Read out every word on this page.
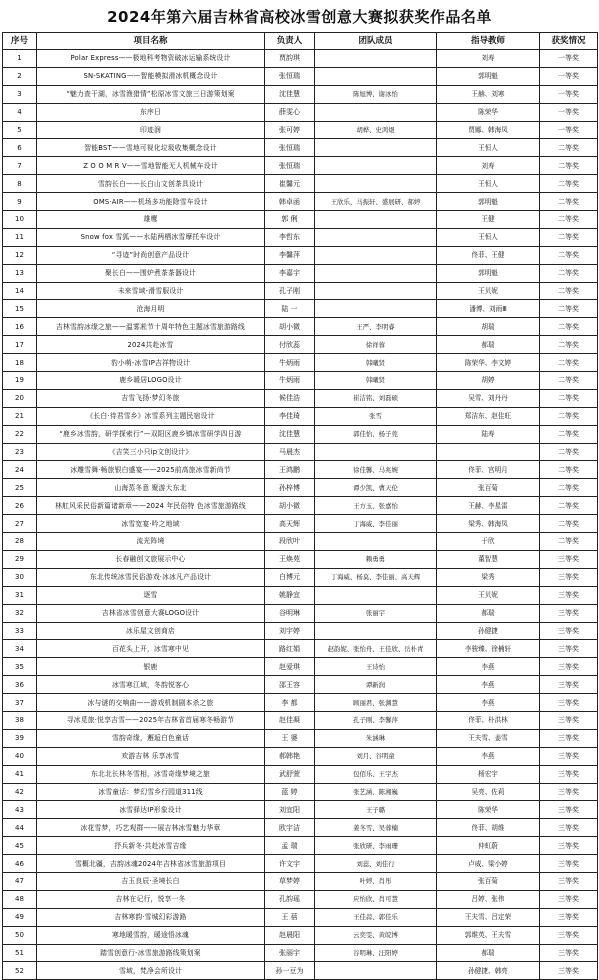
2024年第六届吉林省高校冰雪创意大赛拟获奖作品名单
序号	项目名称	负责人	团队成员	指导教师	获奖情况
1	Polar Express——极地科考物资破冰运输系统设计	贾韵琪		刘寿	一等奖
2	SN-SKATING——智能模拟滑冰机概念设计	张恒瑞		郭明魁	一等奖
3	“魅力查干湖，冰雪渔猎情”松原冰雪文旅三日游策划案	沈佳慧	陈旭博、谢冰怡	王赫、刘寒	一等奖
4	东序日	薛雯心		陈荣华	一等奖
5	印迹润	张可婷	胡桦、史鸿煜	贾娜、韩海凤	一等奖
6	智能BST——雪地可视化垃圾收集概念设计	张恒瑞		王恒人	二等奖
7	Z O O M R V——雪地智能无人机械车设计	张恒瑞		刘寿	二等奖
8	雪韵长白——长白山文创茶具设计	崔馨元		王恒人	二等奖
9	OMS·AIR——机场多功能除雪车设计	韩卓函	王欣乐、马振轩、盛展研、郝婷	郭明魁	二等奖
10	雄鹰	郭 俐		王健	二等奖
11	Snow fox 雪狐——水陆两栖冰雪摩托车设计	李哲东		王恒人	二等奖
12	“寻迹”时尚创意产品设计	李馨萍		佟菲、王健	二等奖
13	聚长白——围炉煮茶茶器设计	李嘉宇		郭明魁	二等奖
14	未来雪域-滑雪服设计	孔子刚		王贝妮	二等奖
15	沧海月明	陆 一		潘博、刘雨Ⅲ	二等奖
16	吉林雪韵冰缘之旅——温雾凇节十周年特色主题冰雪旅游路线	胡小微	王严、李明睿	胡瑞	二等奖
17	2024共赴冰雪	付欣蕊	徐祥蓉	郝瑞	二等奖
18	豹小萌-冰雪IP吉祥物设计	牛炳雨	韩曦贤	陈荣华、李文婷	二等奖
19	鹿乡暖居LOGO设计	牛炳雨	韩曦贤	胡婷	二等奖
20	吉雪飞扬·梦幻冬旅	候佳浩	崔洁铭、刘磊硕	吴雪、刘丹丹	二等奖
21	《长白·待君雪乡》冰雪系列主题民宿设计	李佳琦	张雪	郑洁东、赵佳旺	二等奖
22	“鹿乡冰雪韵，研学探索行”—双阳区鹿乡镇冰雪研学四日游	沈佳慧	郭佳怡、杨子莞	陆寿	二等奖
23	《吉笑三小只ip文创设计》	马晨杰			二等奖
24	冰雕雪舞·畅旅银白盛宴——2025前高旅冰雪新尚节	王鸿鹏	徐佳馨、马兆婉	佟菲、宫明月	二等奖
25	山海蒸冬意 聚游大东北	孙梓博	谭少凯、曹天伦	张百菊	二等奖
26	林舡风采民俗新篇诸新章——2024 年民俗特 色冰雪旅游路线	胡小微	王方玉、张嘉怡	王赫、李星雷	二等奖
27	冰雪宽宴·吟之地域	高天辉	丁海威、李佳丽	梁秀、韩海凤	二等奖
28	流光阵境	段欣叶		于欣	二等奖
29	长春融创文旅展示中心	王焕苑	赖勇勇	董智慧	三等奖
30	东北传统冰雪民俗游戏·冰冰凡产品设计	白博元	丁海威、杨莫、李佳丽、高天辉	梁秀	三等奖
31	逐雪	姚静宜		王贝妮	三等奖
32	吉林省冰雪创意大赛LOGO设计	谷明琳	张丽宇	郝瑞	三等奖
33	冰乐屋文创商店	刘宇婷		孙健捷	三等奖
34	百花头上开，冰雪寒中见	路红娟	赵韵妮、张怡舟、王佳欣、岳朴青	李骏臻、徐楠轩	三等奖
35	银鹿	赵爱琪	王诗怡	李燕	三等奖
36	冰雪寒江域，冬韵悦客心	邵王容	谭新润	李燕	三等奖
37	冰与谜的交响曲——游戏机制剧本杀之旅	李 都	顾丽君、张渊慧	李燕	三等奖
38	寻冰觅旅·悦享吉雪——2025年吉林省首届寒冬畅游节	赵佳凝	孔子刚、李馨萍	佟菲、朴洪林	三等奖
39	雪韵奇缘，邂逅白色童话	王 婆	朱涵琳	王夫雪、姜雪	三等奖
40	欢游吉林 乐享冰雪	郝韩艳	刘月、谷明童	李燕	三等奖
41	东北北长林冬雪相，冰雪奇缘梦境之旅	武舒萱	包佰乐、王宇杰	杨宏宇	三等奖
42	冰雪童话：梦幻雪乡行园道311线	蓝 婷	张艺涵、陈湘巍	吴亮、佐莉	三等奖
43	冰雪驿达IP形象设计	刘宜阳	王子璐	陈荣华	三等奖
44	冰花雪梦，巧艺观群——展吉林冰雪魅力华章	欧宇洁	姜冬雪、吴蓉楠	佟菲、胡维	三等奖
45	抒兵新冬·共赴冰雪吉缘	孟 瑞	张欣研、李雨珊	仲虹蔚	三等奖
46	雪概北疆，吉韵冰魂2024年吉林省冰雪旅游项目	许文宇	刘蕊、刘佳行	卢威、梁小婷	三等奖
47	吉玉良辰·圣境长白	草梦婷	叶婷、肖彤	张百菊	三等奖
48	吉林在记行，悦享一冬	孔韵瑶	应怡欣、肖可慧	吕婷、张伟	三等奖
49	吉林寒韵·雪城幻彩游路	王 蓓	王佳蒜、郭佳乐	王夫雪、吕定荣	三等奖
50	寒地暖雪韵，暖途悟冰魂	赵晨阳	云奕雯、黄皖博	郭维英、王夫雪	三等奖
51	踏雪创意行-冰雪旅游路线策划案	张丽宇	谷明琳、汪阳婷	郝瑞	三等奖
52	雪域，梵净会所设计	孙一豆为		孙健捷、韩亮	三等奖
